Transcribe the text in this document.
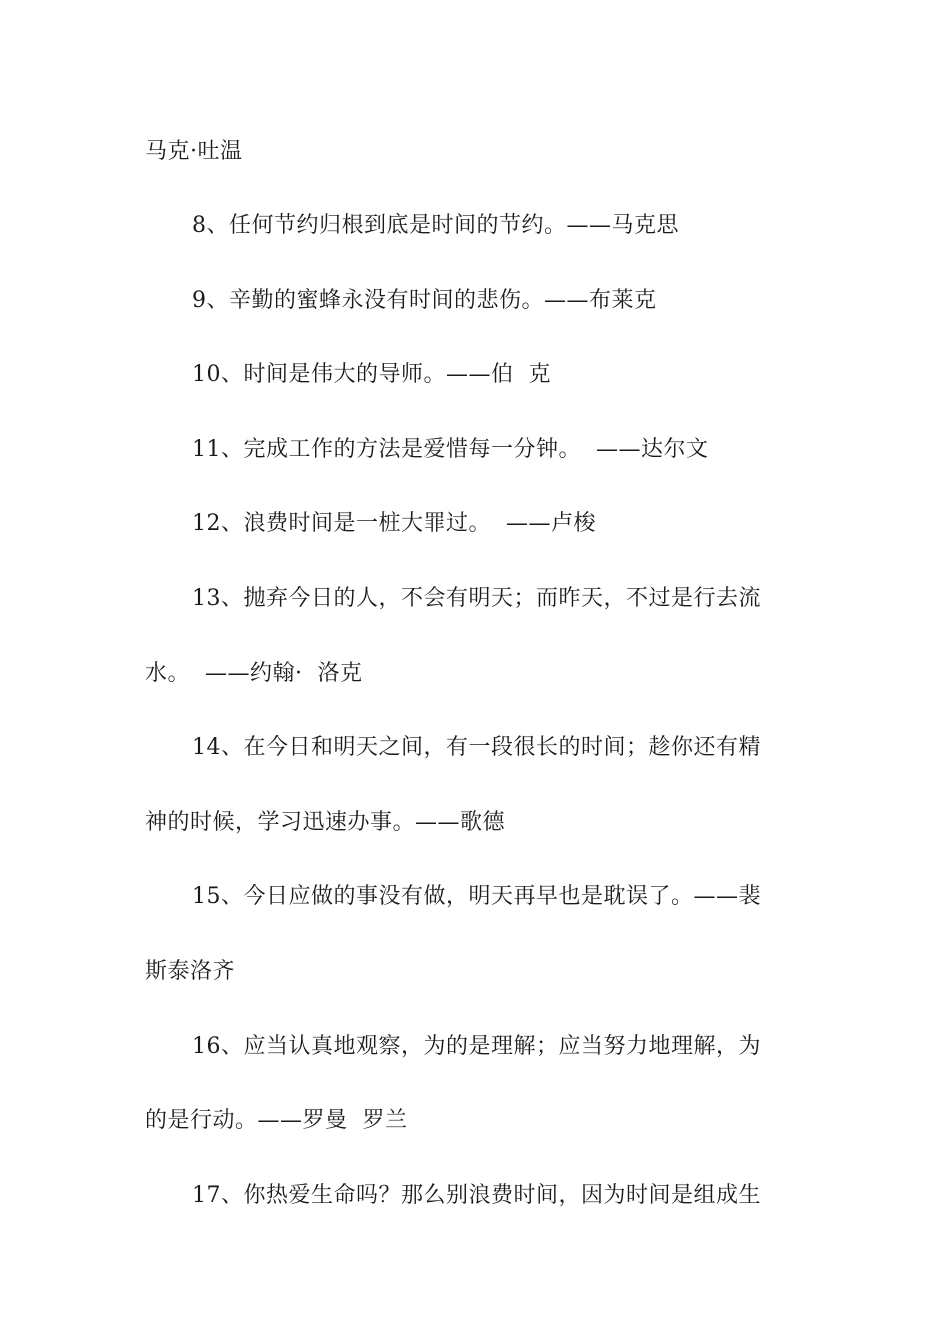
马克·吐温
8、任何节约归根到底是时间的节约。——马克思
9、辛勤的蜜蜂永没有时间的悲伤。——布莱克
10、时间是伟大的导师。——伯  克
11、完成工作的方法是爱惜每一分钟。  ——达尔文
12、浪费时间是一桩大罪过。  ——卢梭
13、抛弃今日的人，不会有明天；而昨天，不过是行去流
水。  ——约翰·  洛克
14、在今日和明天之间，有一段很长的时间；趁你还有精
神的时候，学习迅速办事。——歌德
15、今日应做的事没有做，明天再早也是耽误了。——裴
斯泰洛齐
16、应当认真地观察，为的是理解；应当努力地理解，为
的是行动。——罗曼  罗兰
17、你热爱生命吗？那么别浪费时间，因为时间是组成生
